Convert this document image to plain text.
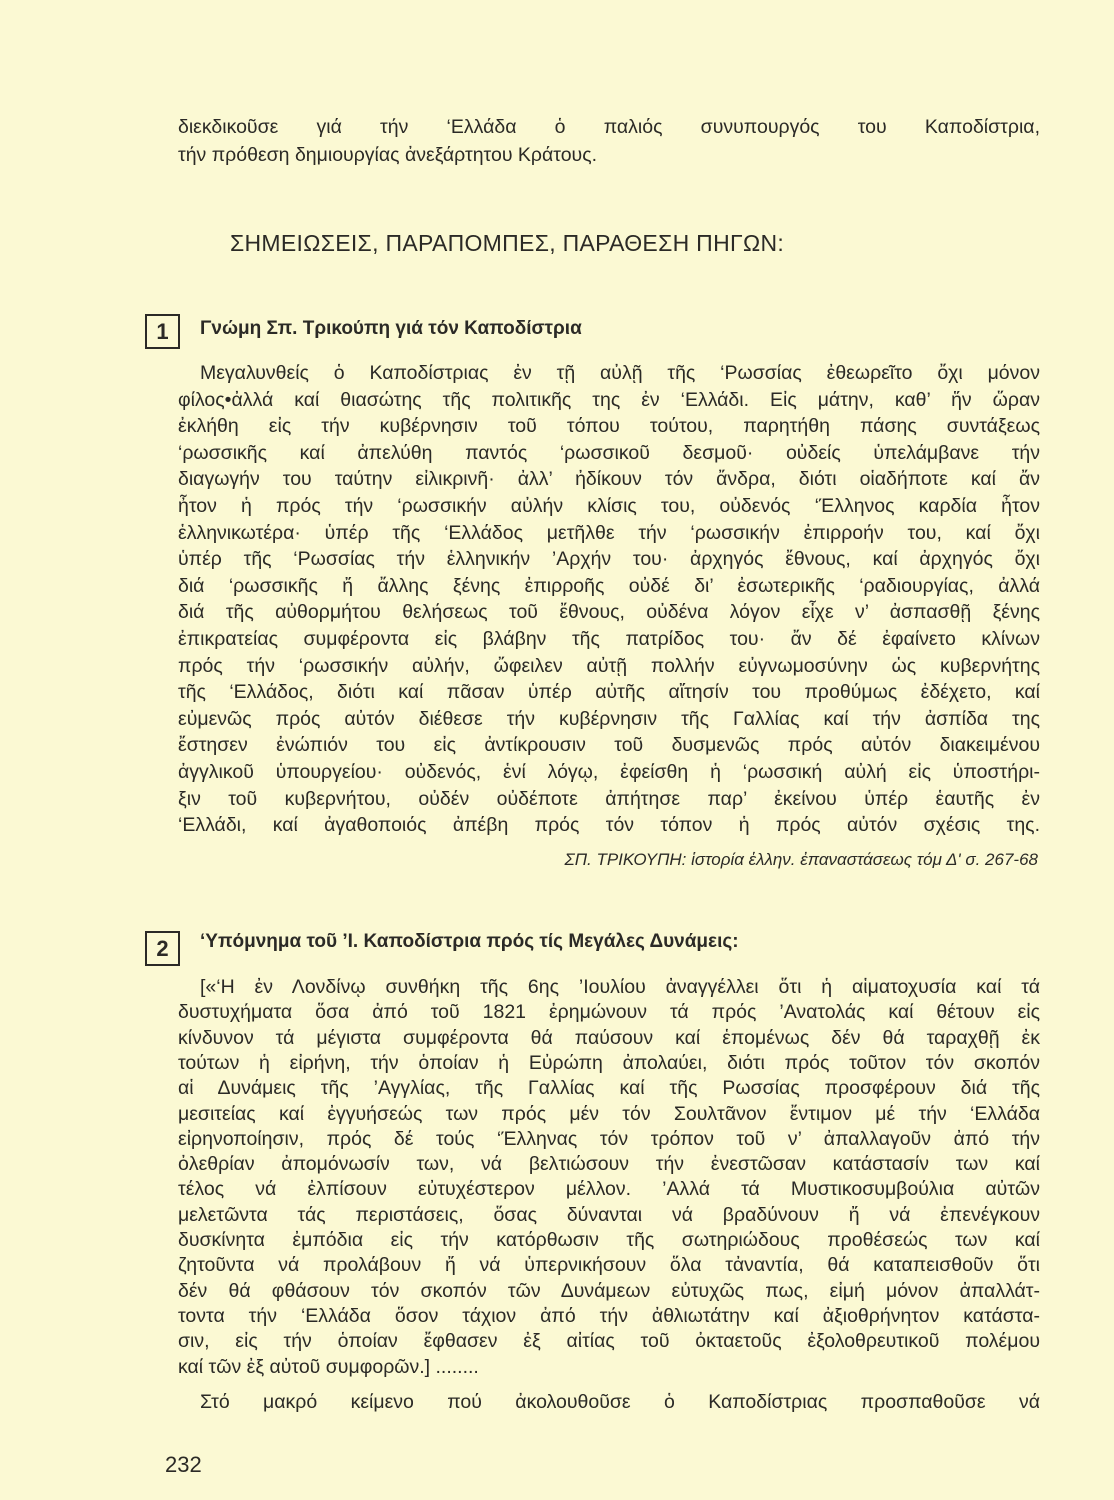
διεκδικοῦσε γιά τήν ‘Ελλάδα ὁ παλιός συνυπουργός του Καποδίστρια,
τήν πρόθεση δημιουργίας ἀνεξάρτητου Κράτους.
ΣΗΜΕΙΩΣΕΙΣ, ΠΑΡΑΠΟΜΠΕΣ, ΠΑΡΑΘΕΣΗ ΠΗΓΩΝ:
1	Γνώμη Σπ. Τρικούπη γιά τόν Καποδίστρια
Μεγαλυνθείς ὁ Καποδίστριας ἐν τῇ αὐλῇ τῆς ‘Ρωσσίας ἐθεωρεῖτο ὄχι μόνον
φίλος•ἀλλά καί θιασώτης τῆς πολιτικῆς της ἐν ‘Ελλάδι. Εἰς μάτην, καθ’ ἥν ὥραν
ἐκλήθη εἰς τήν κυβέρνησιν τοῦ τόπου τούτου, παρητήθη πάσης συντάξεως
‘ρωσσικῆς καί ἀπελύθη παντός ‘ρωσσικοῦ δεσμοῦ· οὐδείς ὑπελάμβανε τήν
διαγωγήν του ταύτην εἰλικρινῆ· ἀλλ’ ἠδίκουν τόν ἄνδρα, διότι οἱαδήποτε καί ἄν
ἦτον ἡ πρός τήν ‘ρωσσικήν αὐλήν κλίσις του, οὐδενός ‘Έλληνος καρδία ἦτον
ἑλληνικωτέρα· ὑπέρ τῆς ‘Ελλάδος μετῆλθε τήν ‘ρωσσικήν ἐπιρροήν του, καί ὄχι
ὑπέρ τῆς ‘Ρωσσίας τήν ἑλληνικήν ’Αρχήν του· ἀρχηγός ἔθνους, καί ἀρχηγός ὄχι
διά ‘ρωσσικῆς ἤ ἄλλης ξένης ἐπιρροῆς οὐδέ δι’ ἐσωτερικῆς ‘ραδιουργίας, ἀλλά
διά τῆς αὐθορμήτου θελήσεως τοῦ ἔθνους, οὐδένα λόγον εἶχε ν’ ἀσπασθῇ ξένης
ἐπικρατείας συμφέροντα εἰς βλάβην τῆς πατρίδος του· ἄν δέ ἐφαίνετο κλίνων
πρός τήν ‘ρωσσικήν αὐλήν, ὤφειλεν αὐτῇ πολλήν εὐγνωμοσύνην ὡς κυβερνήτης
τῆς ‘Ελλάδος, διότι καί πᾶσαν ὑπέρ αὐτῆς αἴτησίν του προθύμως ἐδέχετο, καί
εὐμενῶς πρός αὐτόν διέθεσε τήν κυβέρνησιν τῆς Γαλλίας καί τήν ἀσπίδα της
ἔστησεν ἐνώπιόν του εἰς ἀντίκρουσιν τοῦ δυσμενῶς πρός αὐτόν διακειμένου
ἀγγλικοῦ ὑπουργείου· οὐδενός, ἑνί λόγῳ, ἐφείσθη ἡ ‘ρωσσική αὐλή εἰς ὑποστήρι-
ξιν τοῦ κυβερνήτου, οὐδέν οὐδέποτε ἀπήτησε παρ’ ἐκείνου ὑπέρ ἑαυτῆς ἐν
‘Ελλάδι, καί ἀγαθοποιός ἀπέβη πρός τόν τόπον ἡ πρός αὐτόν σχέσις της.
ΣΠ. ΤΡΙΚΟΥΠΗ: ἱστορία ἑλλην. ἐπαναστάσεως τόμ Δ' σ. 267-68
2	‘Υπόμνημα τοῦ ’Ι. Καποδίστρια πρός τίς Μεγάλες Δυνάμεις:
[«‘Η ἐν Λονδίνῳ συνθήκη τῆς 6ης ’Ιουλίου ἀναγγέλλει ὅτι ἡ αἱματοχυσία καί τά
δυστυχήματα ὅσα ἀπό τοῦ 1821 ἐρημώνουν τά πρός ’Ανατολάς καί θέτουν εἰς
κίνδυνον τά μέγιστα συμφέροντα θά παύσουν καί ἑπομένως δέν θά ταραχθῇ ἐκ
τούτων ἡ εἰρήνη, τήν ὁποίαν ἡ Εὐρώπη ἀπολαύει, διότι πρός τοῦτον τόν σκοπόν
αἱ Δυνάμεις τῆς ’Αγγλίας, τῆς Γαλλίας καί τῆς Ρωσσίας προσφέρουν διά τῆς
μεσιτείας καί ἐγγυήσεώς των πρός μέν τόν Σουλτᾶνον ἔντιμον μέ τήν ‘Ελλάδα
εἰρηνοποίησιν, πρός δέ τούς ‘Έλληνας τόν τρόπον τοῦ ν’ ἀπαλλαγοῦν ἀπό τήν
ὀλεθρίαν ἀπομόνωσίν των, νά βελτιώσουν τήν ἐνεστῶσαν κατάστασίν των καί
τέλος νά ἐλπίσουν εὐτυχέστερον μέλλον. ’Αλλά τά Μυστικοσυμβούλια αὐτῶν
μελετῶντα τάς περιστάσεις, ὅσας δύνανται νά βραδύνουν ἤ νά ἐπενέγκουν
δυσκίνητα ἐμπόδια εἰς τήν κατόρθωσιν τῆς σωτηριώδους προθέσεώς των καί
ζητοῦντα νά προλάβουν ἤ νά ὑπερνικήσουν ὅλα τἀναντία, θά καταπεισθοῦν ὅτι
δέν θά φθάσουν τόν σκοπόν τῶν Δυνάμεων εὐτυχῶς πως, εἰμή μόνον ἀπαλλάτ-
τοντα τήν ‘Ελλάδα ὅσον τάχιον ἀπό τήν ἀθλιωτάτην καί ἀξιοθρήνητον κατάστα-
σιν, εἰς τήν ὁποίαν ἔφθασεν ἐξ αἰτίας τοῦ ὀκταετοῦς ἐξολοθρευτικοῦ πολέμου
καί τῶν ἐξ αὐτοῦ συμφορῶν.] ........
Στό μακρό κείμενο πού ἀκολουθοῦσε ὁ Καποδίστριας προσπαθοῦσε νά
232
